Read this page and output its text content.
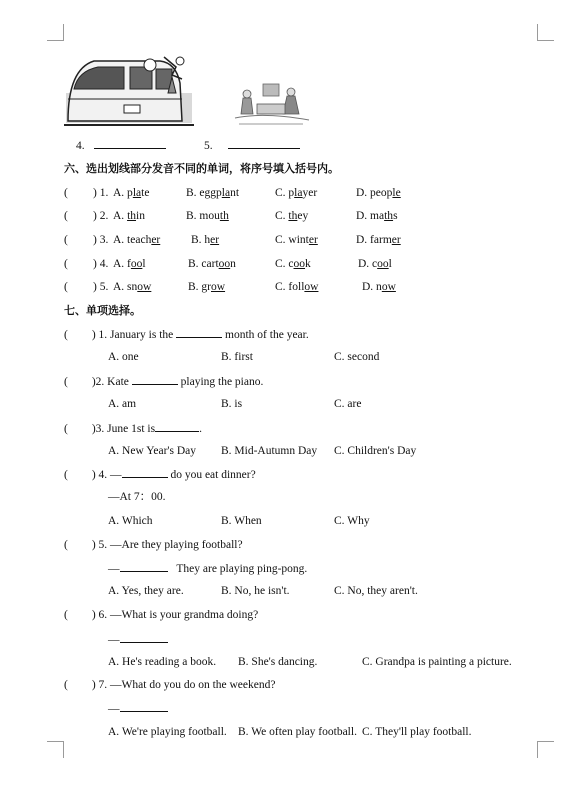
4.	5.
六、选出划线部分发音不同的单词，将序号填入括号内。
( ) 1. A. plate	B. eggplant	C. player	D. people
( ) 2. A. thin	B. mouth	C. they	D. maths
( ) 3. A. teacher	B. her	C. winter	D. farmer
( ) 4. A. fool	B. cartoon	C. cook	D. cool
( ) 5. A. snow	B. grow	C. follow	D. now
七、单项选择。
( ) 1. January is the	month of the year.
A. one	B. first	C. second
( )2. Kate	playing the piano.
A. am	B. is	C. are
( )3. June 1st is	.
A. New Year's Day B. Mid-Autumn Day C. Children's Day
( ) 4. —	do you eat dinner?
—At 7：00.
A. Which	B. When	C. Why
( ) 5. —Are they playing football?
—	They are playing ping-pong.
A. Yes, they are.	B. No, he isn't.	C. No, they aren't.
( ) 6. —What is your grandma doing?
—
A. He's reading a book. B. She's dancing.	C. Grandpa is painting a picture.
( ) 7. —What do you do on the weekend?
—
A. We're playing football. B. We often play football. C. They'll play football.
